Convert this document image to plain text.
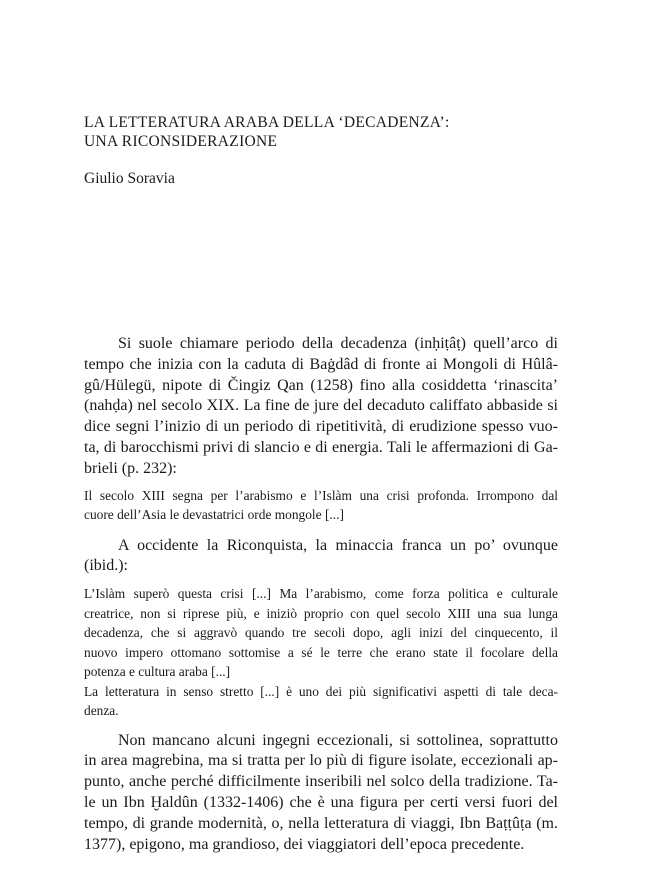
LA LETTERATURA ARABA DELLA ‘DECADENZA’:
UNA RICONSIDERAZIONE

Giulio Soravia

Si suole chiamare periodo della decadenza (inḥiṭâṭ) quell’arco di
tempo che inizia con la caduta di Baġdâd di fronte ai Mongoli di Hûlâ-
gû/Hülegü, nipote di Čingiz Qan (1258) fino alla cosiddetta ‘rinascita’
(nahḍa) nel secolo XIX. La fine de jure del decaduto califfato abbaside si
dice segni l’inizio di un periodo di ripetitività, di erudizione spesso vuo-
ta, di barocchismi privi di slancio e di energia. Tali le affermazioni di Ga-
brieli (p. 232):

Il secolo XIII segna per l’arabismo e l’Islàm una crisi profonda. Irrompono dal
cuore dell’Asia le devastatrici orde mongole [...]

A occidente la Riconquista, la minaccia franca un po’ ovunque
(ibid.):

L’Islàm superò questa crisi [...] Ma l’arabismo, come forza politica e culturale
creatrice, non si riprese più, e iniziò proprio con quel secolo XIII una sua lunga
decadenza, che si aggravò quando tre secoli dopo, agli inizi del cinquecento, il
nuovo impero ottomano sottomise a sé le terre che erano state il focolare della
potenza e cultura araba [...]
La letteratura in senso stretto [...] è uno dei più significativi aspetti di tale deca-
denza.

Non mancano alcuni ingegni eccezionali, si sottolinea, soprattutto
in area magrebina, ma si tratta per lo più di figure isolate, eccezionali ap-
punto, anche perché difficilmente inseribili nel solco della tradizione. Ta-
le un Ibn Ḫaldûn (1332-1406) che è una figura per certi versi fuori del
tempo, di grande modernità, o, nella letteratura di viaggi, Ibn Baṭṭûṭa (m.
1377), epigono, ma grandioso, dei viaggiatori dell’epoca precedente.
